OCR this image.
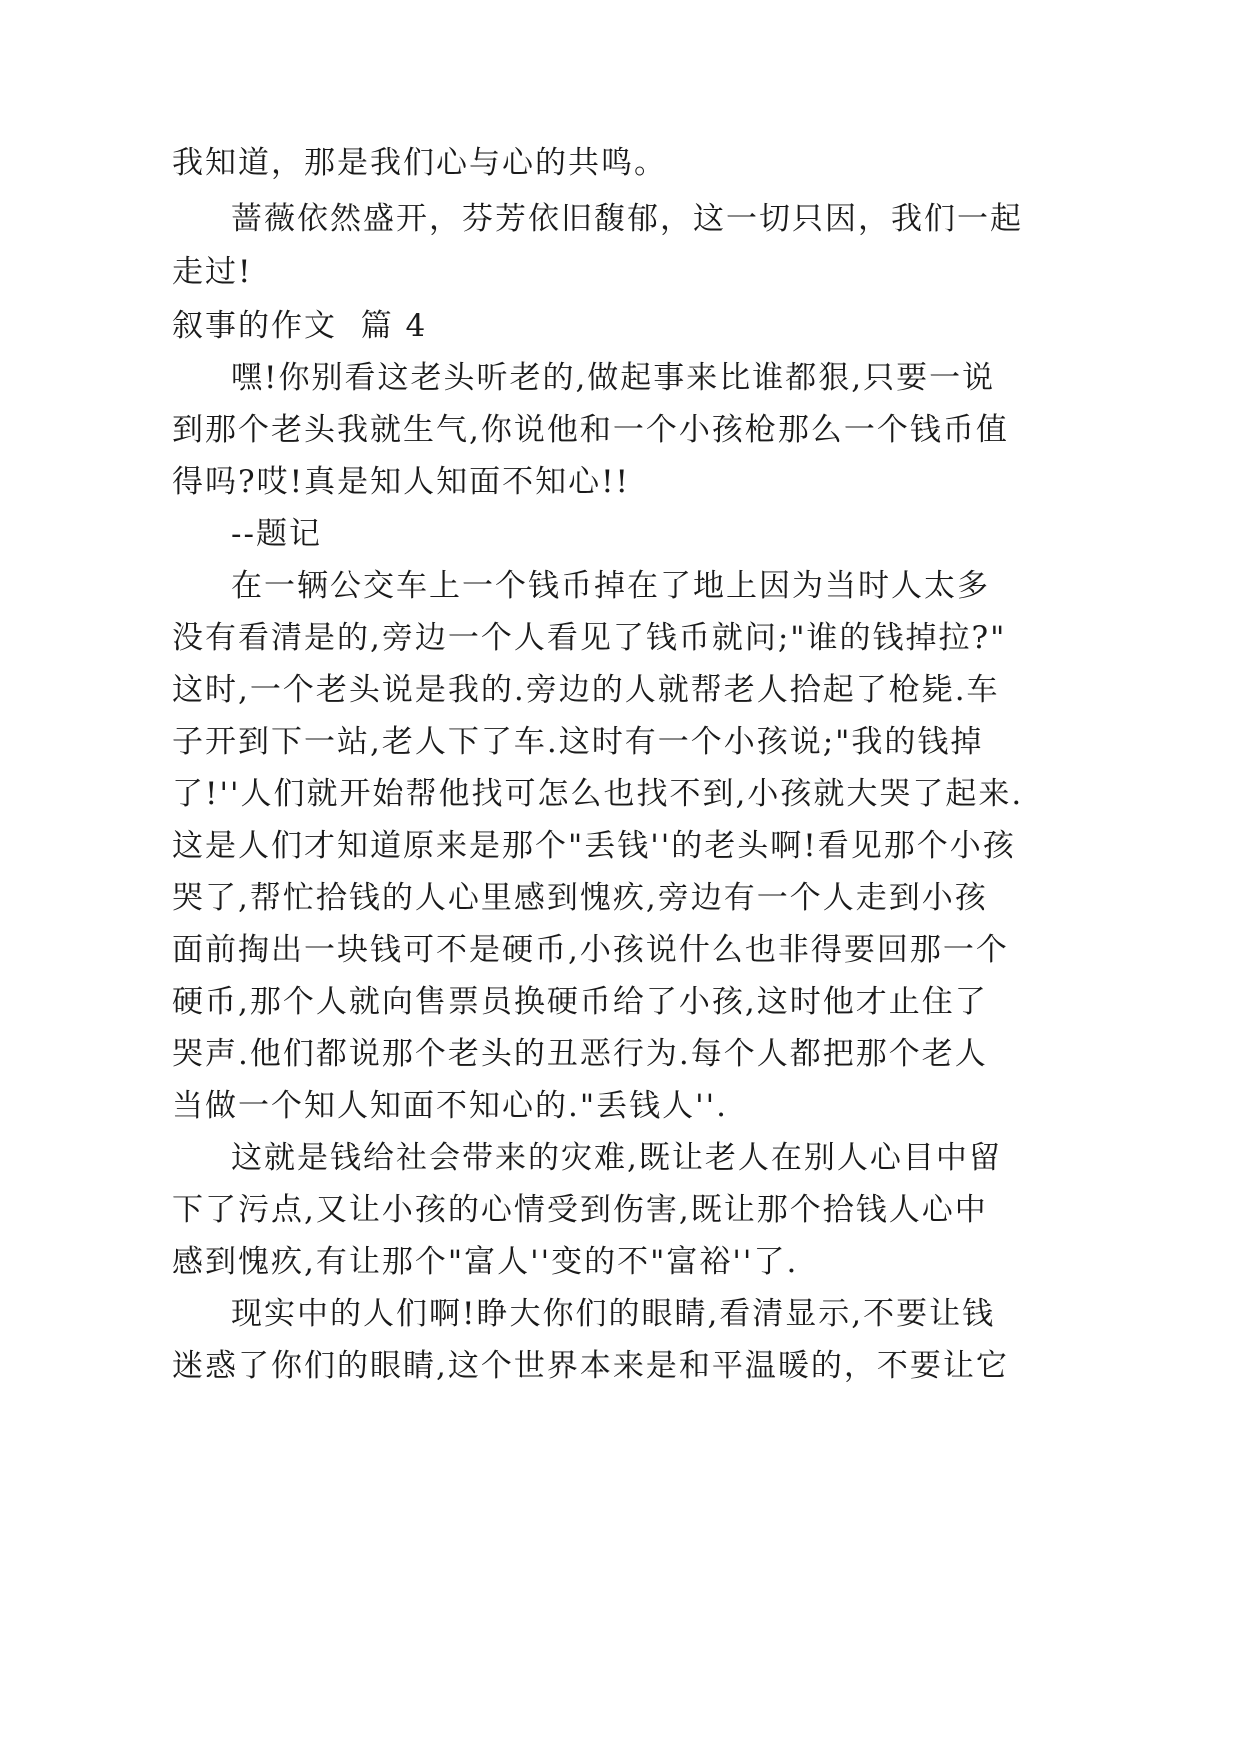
我知道，那是我们心与心的共鸣。

蔷薇依然盛开，芬芳依旧馥郁，这一切只因，我们一起

走过!

叙事的作文  篇 4

嘿!你别看这老头听老的,做起事来比谁都狠,只要一说

到那个老头我就生气,你说他和一个小孩枪那么一个钱币值

得吗?哎!真是知人知面不知心!!

--题记

在一辆公交车上一个钱币掉在了地上因为当时人太多

没有看清是的,旁边一个人看见了钱币就问;"谁的钱掉拉?"

这时,一个老头说是我的.旁边的人就帮老人拾起了枪毙.车

子开到下一站,老人下了车.这时有一个小孩说;"我的钱掉

了!''人们就开始帮他找可怎么也找不到,小孩就大哭了起来.

这是人们才知道原来是那个"丢钱''的老头啊!看见那个小孩

哭了,帮忙拾钱的人心里感到愧疚,旁边有一个人走到小孩

面前掏出一块钱可不是硬币,小孩说什么也非得要回那一个

硬币,那个人就向售票员换硬币给了小孩,这时他才止住了

哭声.他们都说那个老头的丑恶行为.每个人都把那个老人

当做一个知人知面不知心的."丢钱人''.

这就是钱给社会带来的灾难,既让老人在别人心目中留

下了污点,又让小孩的心情受到伤害,既让那个拾钱人心中

感到愧疚,有让那个"富人''变的不"富裕''了.

现实中的人们啊!睁大你们的眼睛,看清显示,不要让钱

迷惑了你们的眼睛,这个世界本来是和平温暖的，不要让它
